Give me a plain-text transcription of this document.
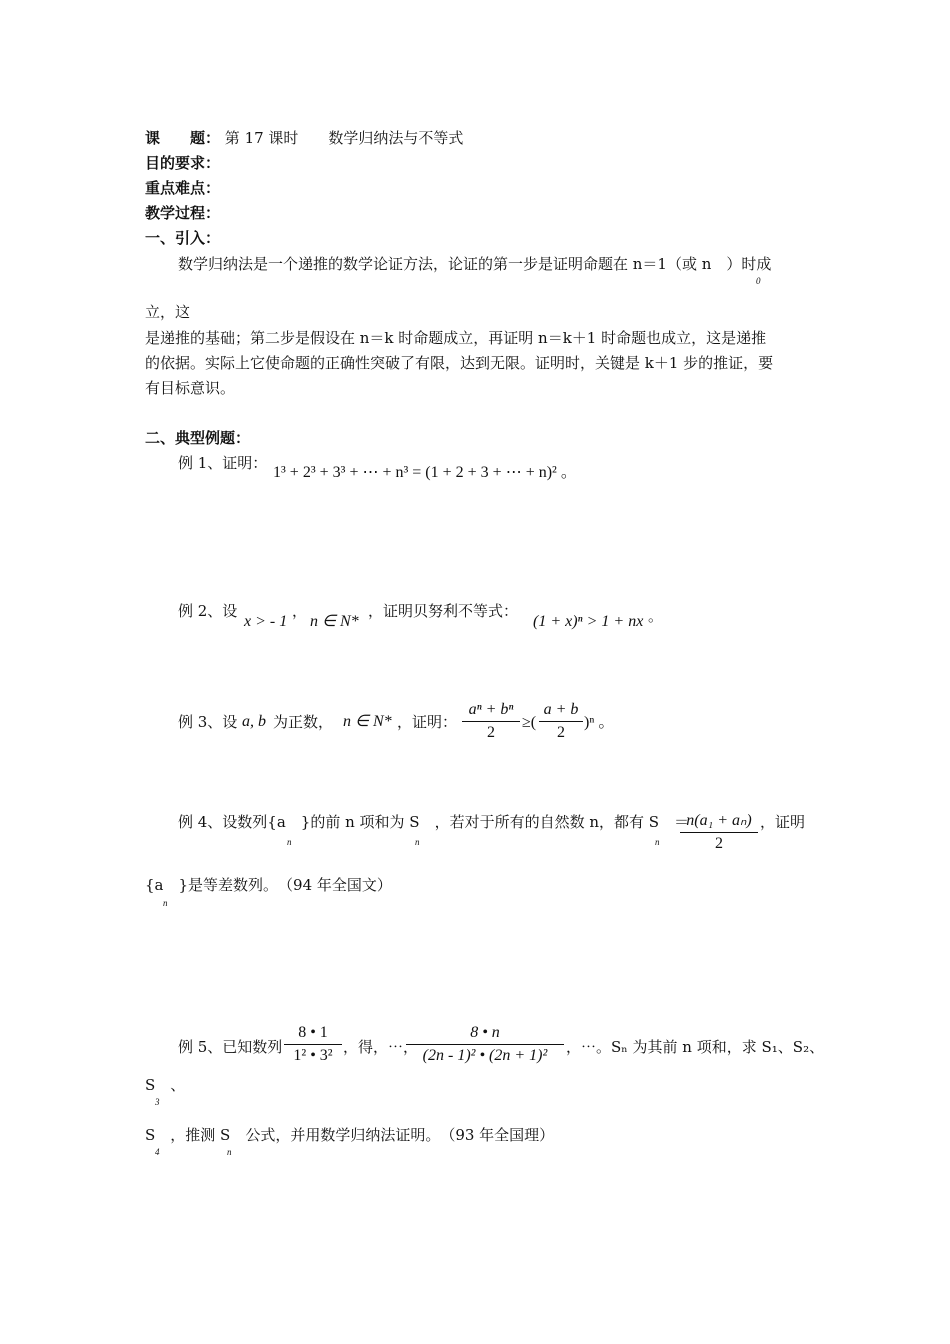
课　　题： 第 17 课时　　数学归纳法与不等式
目的要求：
重点难点：
教学过程：
一、引入：
数学归纳法是一个递推的数学论证方法，论证的第一步是证明命题在 n＝1（或 n　）时成
0
立，这
是递推的基础；第二步是假设在 n＝k 时命题成立，再证明 n＝k＋1 时命题也成立，这是递推
的依据。实际上它使命题的正确性突破了有限，达到无限。证明时，关键是 k＋1 步的推证，要
有目标意识。
二、典型例题：
例 1、证明：
1³ + 2³ + 3³ + ⋯ + n³ = (1 + 2 + 3 + ⋯ + n)² 。
例 2、设
x > - 1
，
n ∈ N*
，证明贝努利不等式：
(1 + x)ⁿ > 1 + nx 。
例 3、设 a, b 为正数， n ∈ N* ，证明：
aⁿ + bⁿ
2
≥(
a + b
2
)ⁿ 。
例 4、设数列{a　}的前 n 项和为 S　，若对于所有的自然数 n，都有 S　＝
n	n	n
n(a₁ + aₙ)
2
，证明
{a　}是等差数列。　（94 年全国文）
n
例 5、已知数列
8 • 1
1² • 3² ，得，⋯，
8 • n
(2n - 1)² • (2n + 1)²	，⋯。Sₙ 为其前 n 项和，求 S₁、S₂、
S　、
3
S　，推测 S　公式，并用数学归纳法证明。　（93 年全国理）
4	n
